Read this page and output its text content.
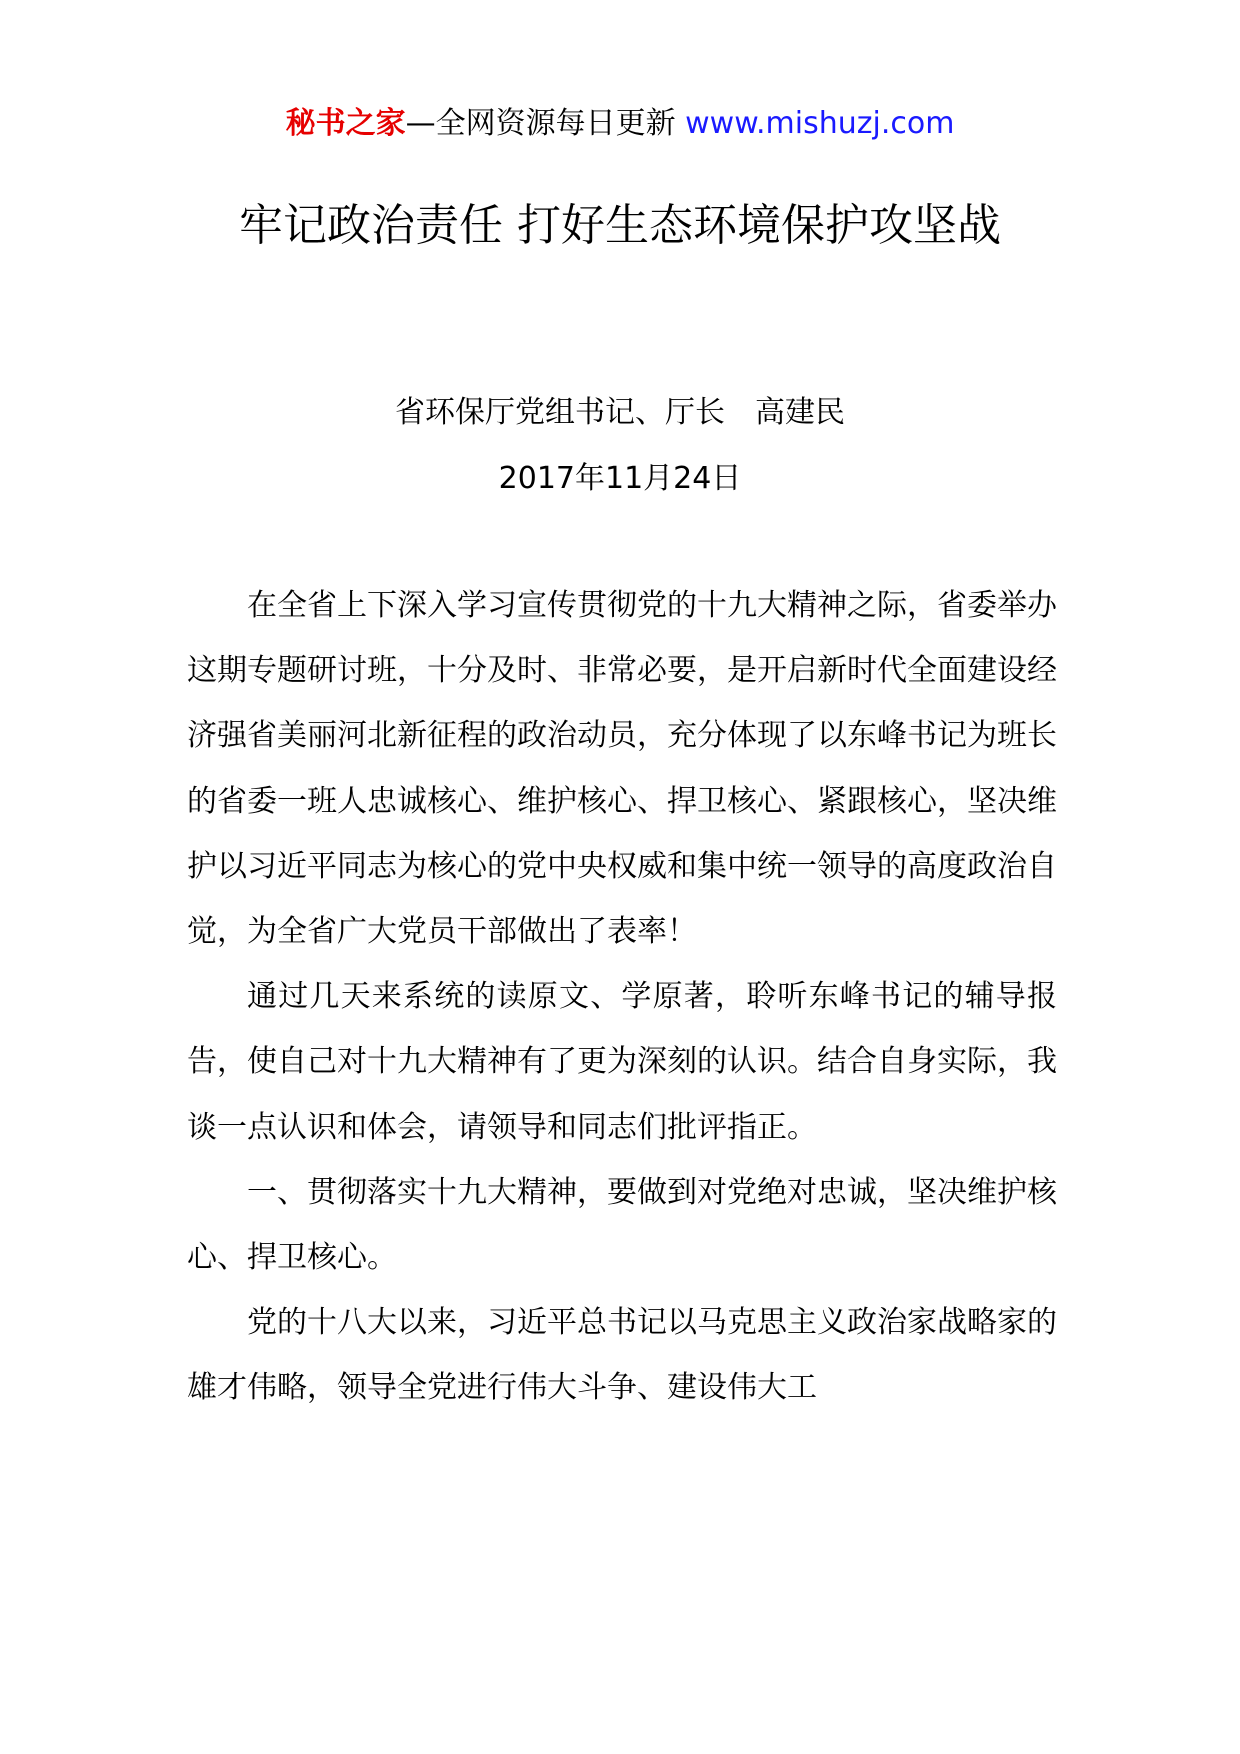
秘书之家—全网资源每日更新 www.mishuzj.com
牢记政治责任 打好生态环境保护攻坚战
省环保厅党组书记、厅长　高建民
2017年11月24日

在全省上下深入学习宣传贯彻党的十九大精神之际，省委举办这期专题研讨班，十分及时、非常必要，是开启新时代全面建设经济强省美丽河北新征程的政治动员，充分体现了以东峰书记为班长的省委一班人忠诚核心、维护核心、捍卫核心、紧跟核心，坚决维护以习近平同志为核心的党中央权威和集中统一领导的高度政治自觉，为全省广大党员干部做出了表率！

通过几天来系统的读原文、学原著，聆听东峰书记的辅导报告，使自己对十九大精神有了更为深刻的认识。结合自身实际，我谈一点认识和体会，请领导和同志们批评指正。

一、贯彻落实十九大精神，要做到对党绝对忠诚，坚决维护核心、捍卫核心。

党的十八大以来，习近平总书记以马克思主义政治家战略家的雄才伟略，领导全党进行伟大斗争、建设伟大工
